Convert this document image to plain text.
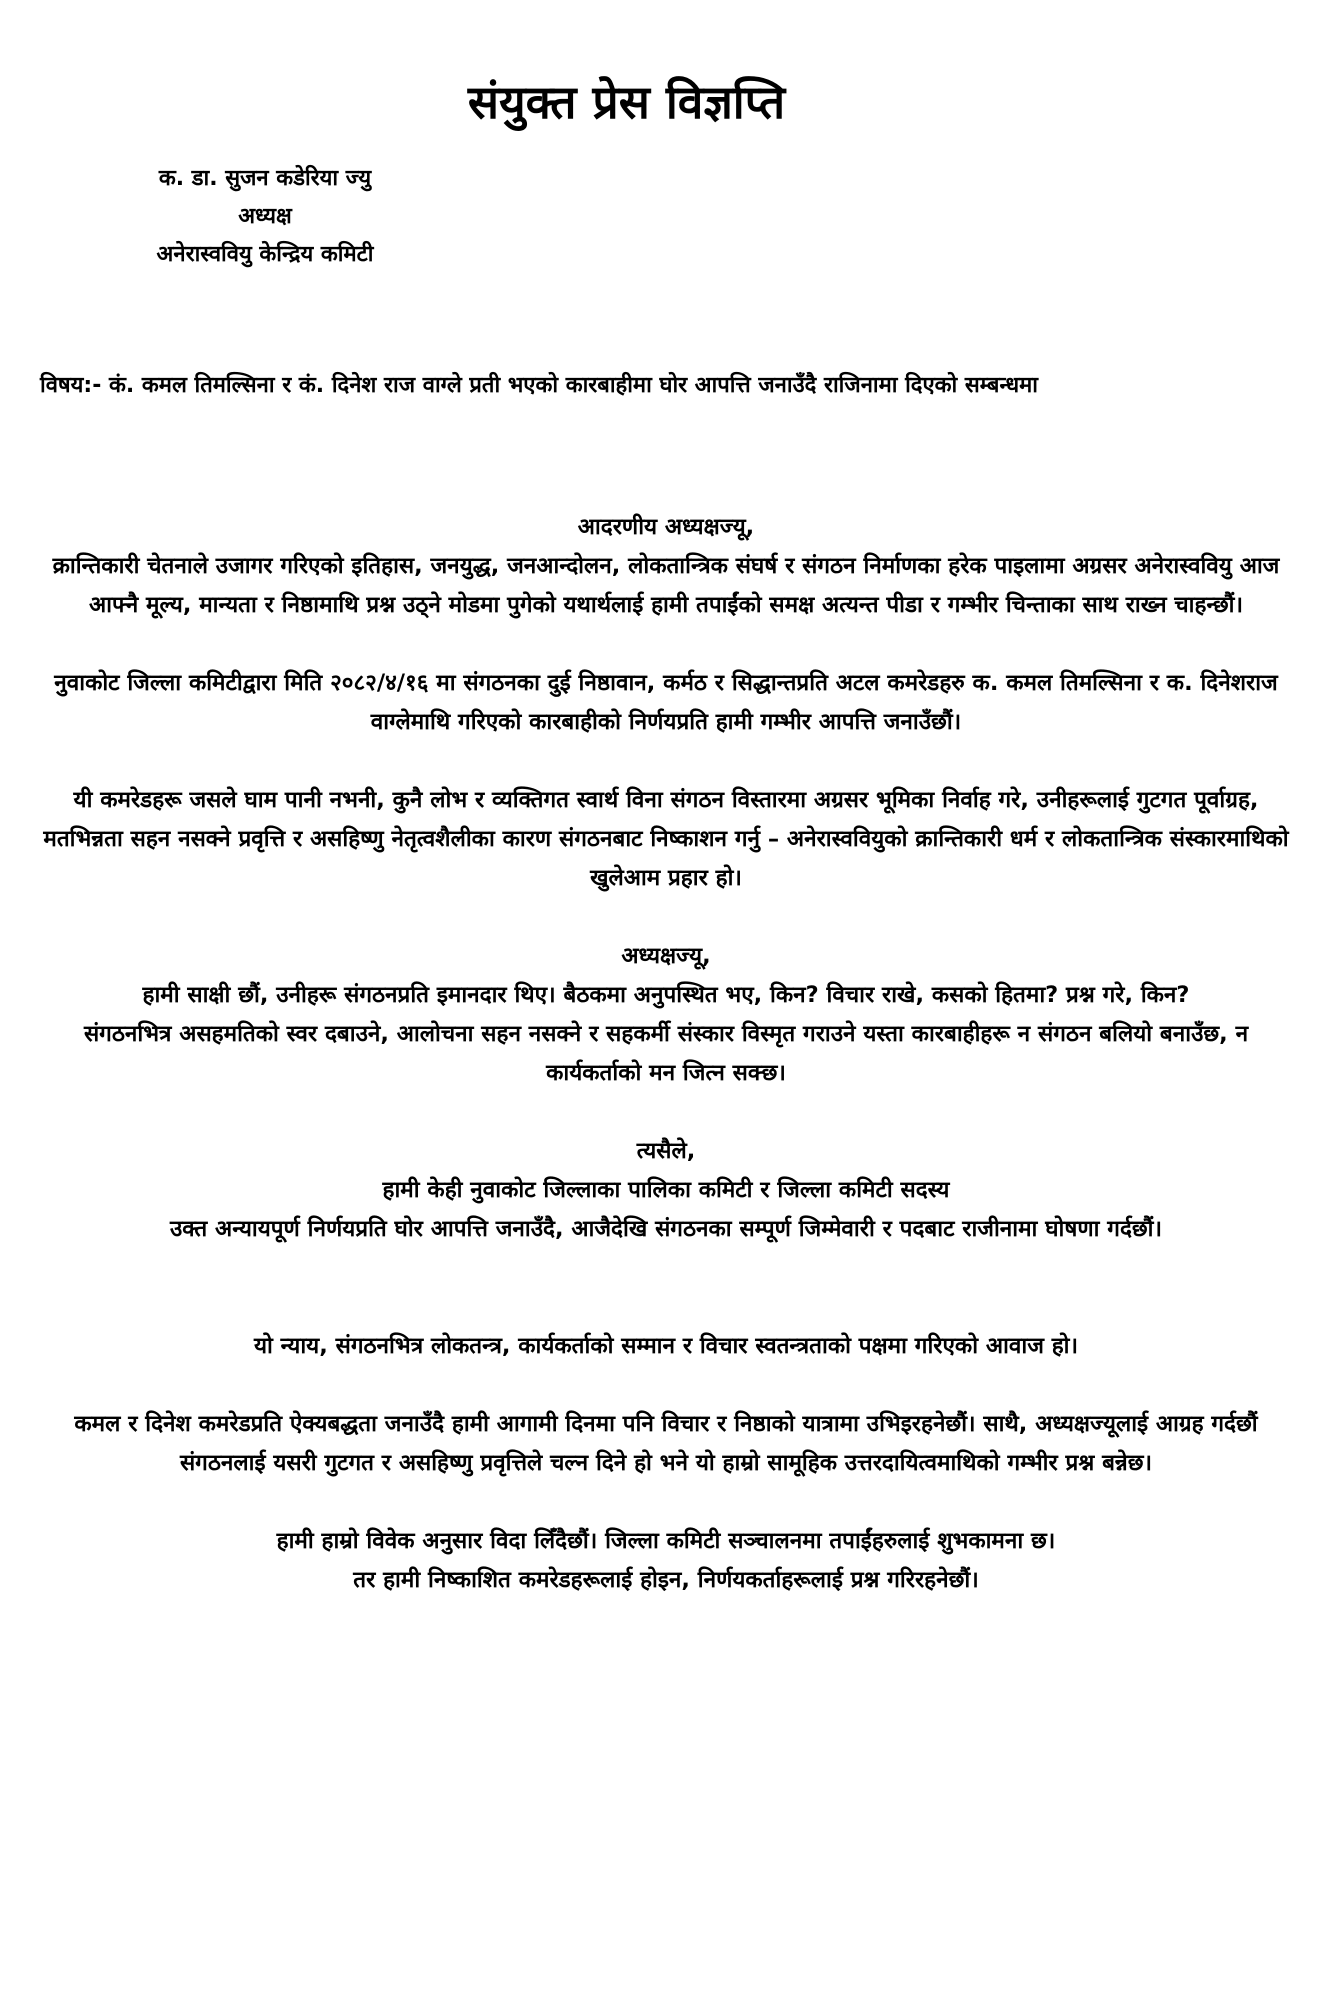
संयुक्त प्रेस विज्ञप्ति
क. डा. सुजन कडेरिया ज्यु
अध्यक्ष
अनेरास्ववियु केन्द्रिय कमिटी
विषय:- कं. कमल तिमल्सिना र कं. दिनेश राज वाग्ले प्रती भएको कारबाहीमा घोर आपत्ति जनाउँदै राजिनामा दिएको सम्बन्धमा

आदरणीय अध्यक्षज्यू,

क्रान्तिकारी चेतनाले उजागर गरिएको इतिहास, जनयुद्ध, जनआन्दोलन, लोकतान्त्रिक संघर्ष र संगठन निर्माणका हरेक पाइलामा अग्रसर अनेरास्ववियु आज आफ्नै मूल्य, मान्यता र निष्ठामाथि प्रश्न उठ्ने मोडमा पुगेको यथार्थलाई हामी तपाईंको समक्ष अत्यन्त पीडा र गम्भीर चिन्ताका साथ राख्न चाहन्छौं।

नुवाकोट जिल्ला कमिटीद्वारा मिति २०८२/४/१६ मा संगठनका दुई निष्ठावान, कर्मठ र सिद्धान्तप्रति अटल कमरेडहरु क. कमल तिमल्सिना र क. दिनेशराज वाग्लेमाथि गरिएको कारबाहीको निर्णयप्रति हामी गम्भीर आपत्ति जनाउँछौं।

यी कमरेडहरू जसले घाम पानी नभनी, कुनै लोभ र व्यक्तिगत स्वार्थ विना संगठन विस्तारमा अग्रसर भूमिका निर्वाह गरे, उनीहरूलाई गुटगत पूर्वाग्रह, मतभिन्नता सहन नसक्ने प्रवृत्ति र असहिष्णु नेतृत्वशैलीका कारण संगठनबाट निष्काशन गर्नु – अनेरास्ववियुको क्रान्तिकारी धर्म र लोकतान्त्रिक संस्कारमाथिको खुलेआम प्रहार हो।

अध्यक्षज्यू,

हामी साक्षी छौं, उनीहरू संगठनप्रति इमानदार थिए। बैठकमा अनुपस्थित भए, किन? विचार राखे, कसको हितमा? प्रश्न गरे, किन?

संगठनभित्र असहमतिको स्वर दबाउने, आलोचना सहन नसक्ने र सहकर्मी संस्कार विस्मृत गराउने यस्ता कारबाहीहरू न संगठन बलियो बनाउँछ, न कार्यकर्ताको मन जित्न सक्छ।

त्यसैले,

हामी केही नुवाकोट जिल्लाका पालिका कमिटी र जिल्ला कमिटी सदस्य

उक्त अन्यायपूर्ण निर्णयप्रति घोर आपत्ति जनाउँदै, आजैदेखि संगठनका सम्पूर्ण जिम्मेवारी र पदबाट राजीनामा घोषणा गर्दछौं।

यो न्याय, संगठनभित्र लोकतन्त्र, कार्यकर्ताको सम्मान र विचार स्वतन्त्रताको पक्षमा गरिएको आवाज हो।

कमल र दिनेश कमरेडप्रति ऐक्यबद्धता जनाउँदै हामी आगामी दिनमा पनि विचार र निष्ठाको यात्रामा उभिइरहनेछौं। साथै, अध्यक्षज्यूलाई आग्रह गर्दछौं संगठनलाई यसरी गुटगत र असहिष्णु प्रवृत्तिले चल्न दिने हो भने यो हाम्रो सामूहिक उत्तरदायित्वमाथिको गम्भीर प्रश्न बन्नेछ।

हामी हाम्रो विवेक अनुसार विदा लिँदैछौं। जिल्ला कमिटी सञ्चालनमा तपाईंहरुलाई शुभकामना छ।

तर हामी निष्काशित कमरेडहरूलाई होइन, निर्णयकर्ताहरूलाई प्रश्न गरिरहनेछौं।
